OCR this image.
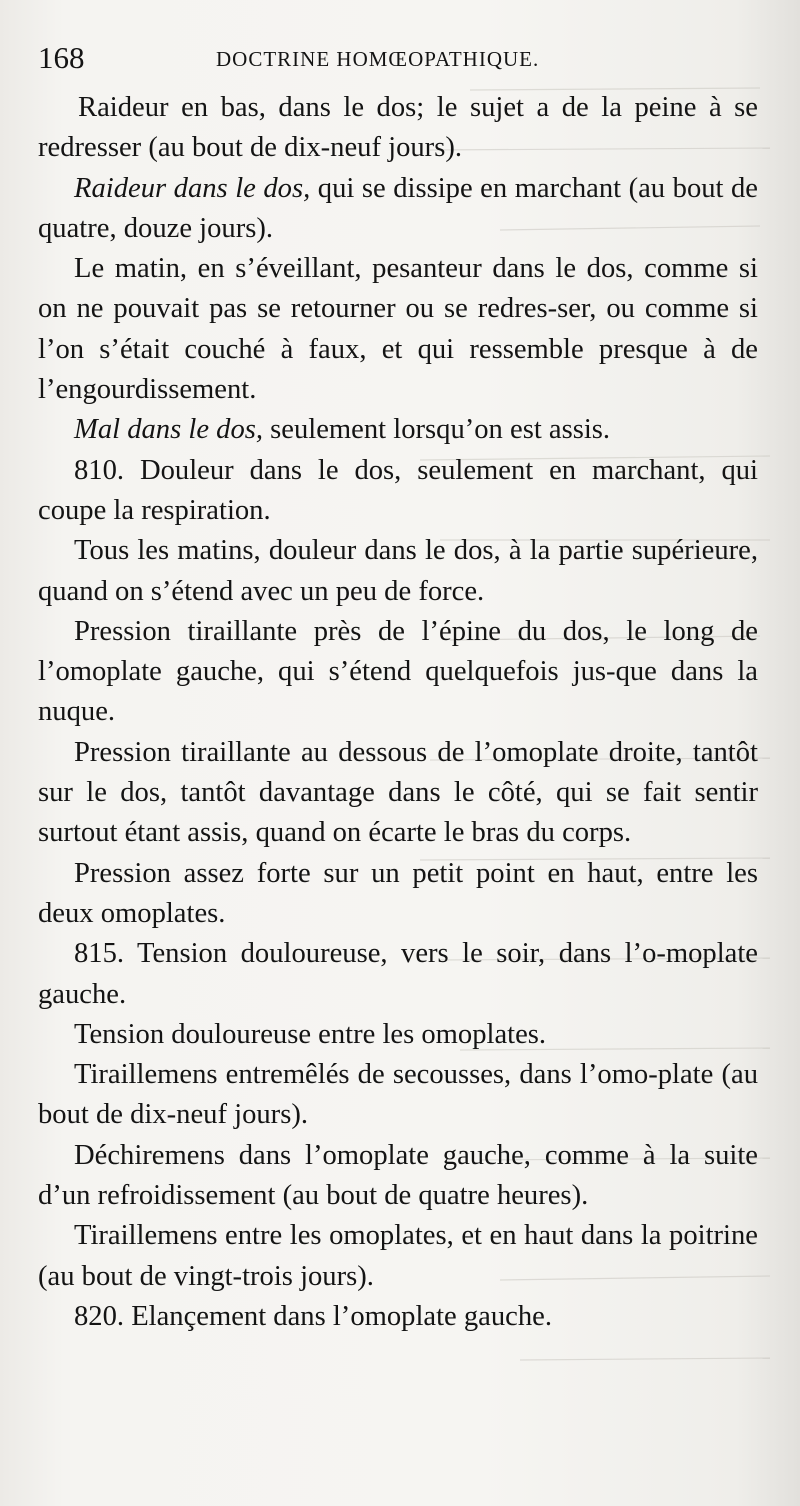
168	DOCTRINE HOMŒOPATHIQUE.

Raideur en bas, dans le dos; le sujet a de la peine à se redresser (au bout de dix-neuf jours).

Raideur dans le dos, qui se dissipe en marchant (au bout de quatre, douze jours).

Le matin, en s’éveillant, pesanteur dans le dos, comme si on ne pouvait pas se retourner ou se redres-ser, ou comme si l’on s’était couché à faux, et qui ressemble presque à de l’engourdissement.

Mal dans le dos, seulement lorsqu’on est assis.

810. Douleur dans le dos, seulement en marchant, qui coupe la respiration.

Tous les matins, douleur dans le dos, à la partie supérieure, quand on s’étend avec un peu de force.

Pression tiraillante près de l’épine du dos, le long de l’omoplate gauche, qui s’étend quelquefois jus-que dans la nuque.

Pression tiraillante au dessous de l’omoplate droite, tantôt sur le dos, tantôt davantage dans le côté, qui se fait sentir surtout étant assis, quand on écarte le bras du corps.

Pression assez forte sur un petit point en haut, entre les deux omoplates.

815. Tension douloureuse, vers le soir, dans l’o-moplate gauche.

Tension douloureuse entre les omoplates.

Tiraillemens entremêlés de secousses, dans l’omo-plate (au bout de dix-neuf jours).

Déchiremens dans l’omoplate gauche, comme à la suite d’un refroidissement (au bout de quatre heures).

Tiraillemens entre les omoplates, et en haut dans la poitrine (au bout de vingt-trois jours).

820. Elançement dans l’omoplate gauche.
